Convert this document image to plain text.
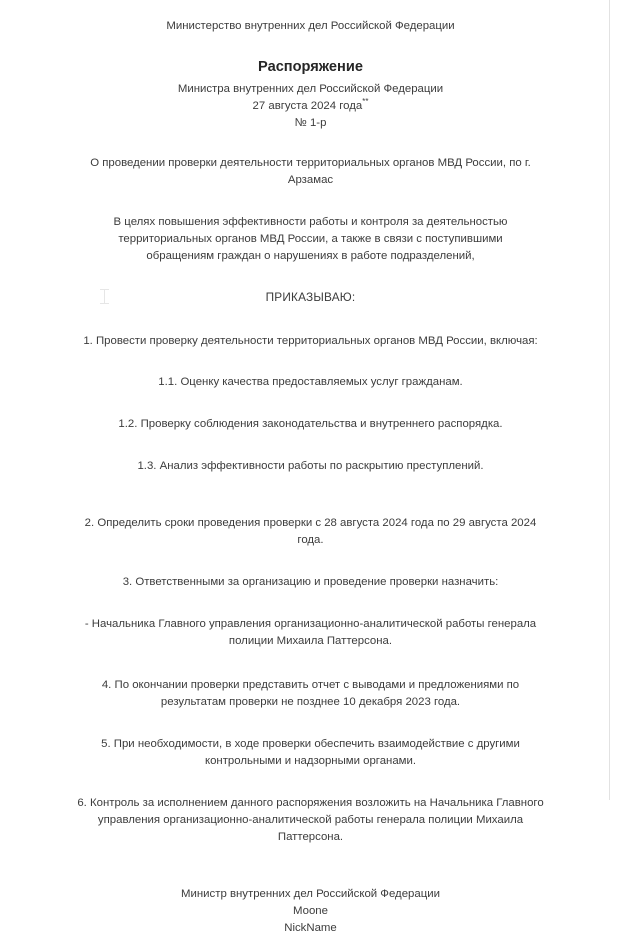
Министерство внутренних дел Российской Федерации

Распоряжение

Министра внутренних дел Российской Федерации

27 августа 2024 года**

№ 1-р

О проведении проверки деятельности территориальных органов МВД России, по г. Арзамас

В целях повышения эффективности работы и контроля за деятельностью территориальных органов МВД России, а также в связи с поступившими обращениям граждан о нарушениях в работе подразделений,

ПРИКАЗЫВАЮ:

1. Провести проверку деятельности территориальных органов МВД России, включая:

1.1. Оценку качества предоставляемых услуг гражданам.

1.2. Проверку соблюдения законодательства и внутреннего распорядка.

1.3. Анализ эффективности работы по раскрытию преступлений.

2. Определить сроки проведения проверки с 28 августа 2024 года по 29 августа 2024 года.

3. Ответственными за организацию и проведение проверки назначить:

- Начальника Главного управления организационно-аналитической работы генерала полиции Михаила Паттерсона.

4. По окончании проверки представить отчет с выводами и предложениями по результатам проверки не позднее 10 декабря 2023 года.

5. При необходимости, в ходе проверки обеспечить взаимодействие с другими контрольными и надзорными органами.

6. Контроль за исполнением данного распоряжения возложить на Начальника Главного управления организационно-аналитической работы генерала полиции Михаила Паттерсона.

Министр внутренних дел Российской Федерации

Моone

NickName
